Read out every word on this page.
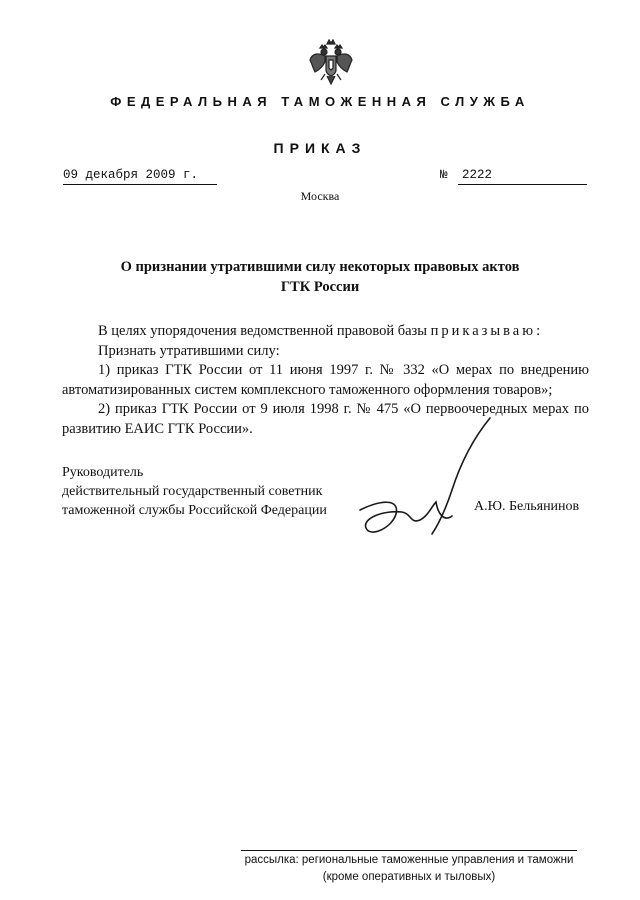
ФЕДЕРАЛЬНАЯ ТАМОЖЕННАЯ СЛУЖБА
ПРИКАЗ
09 декабря 2009 г.	№	2222
Москва
О признании утратившими силу некоторых правовых актов
ГТК России

В целях упорядочения ведомственной правовой базы приказываю:

Признать утратившими силу:

1) приказ ГТК России от 11 июня 1997 г. № 332 «О мерах по внедрению автоматизированных систем комплексного таможенного оформления товаров»;

2) приказ ГТК России от 9 июля 1998 г. № 475 «О первоочередных мерах по развитию ЕАИС ГТК России».

Руководитель
действительный государственный советник
таможенной службы Российской Федерации	А.Ю. Бельянинов
рассылка: региональные таможенные управления и таможни
(кроме оперативных и тыловых)
